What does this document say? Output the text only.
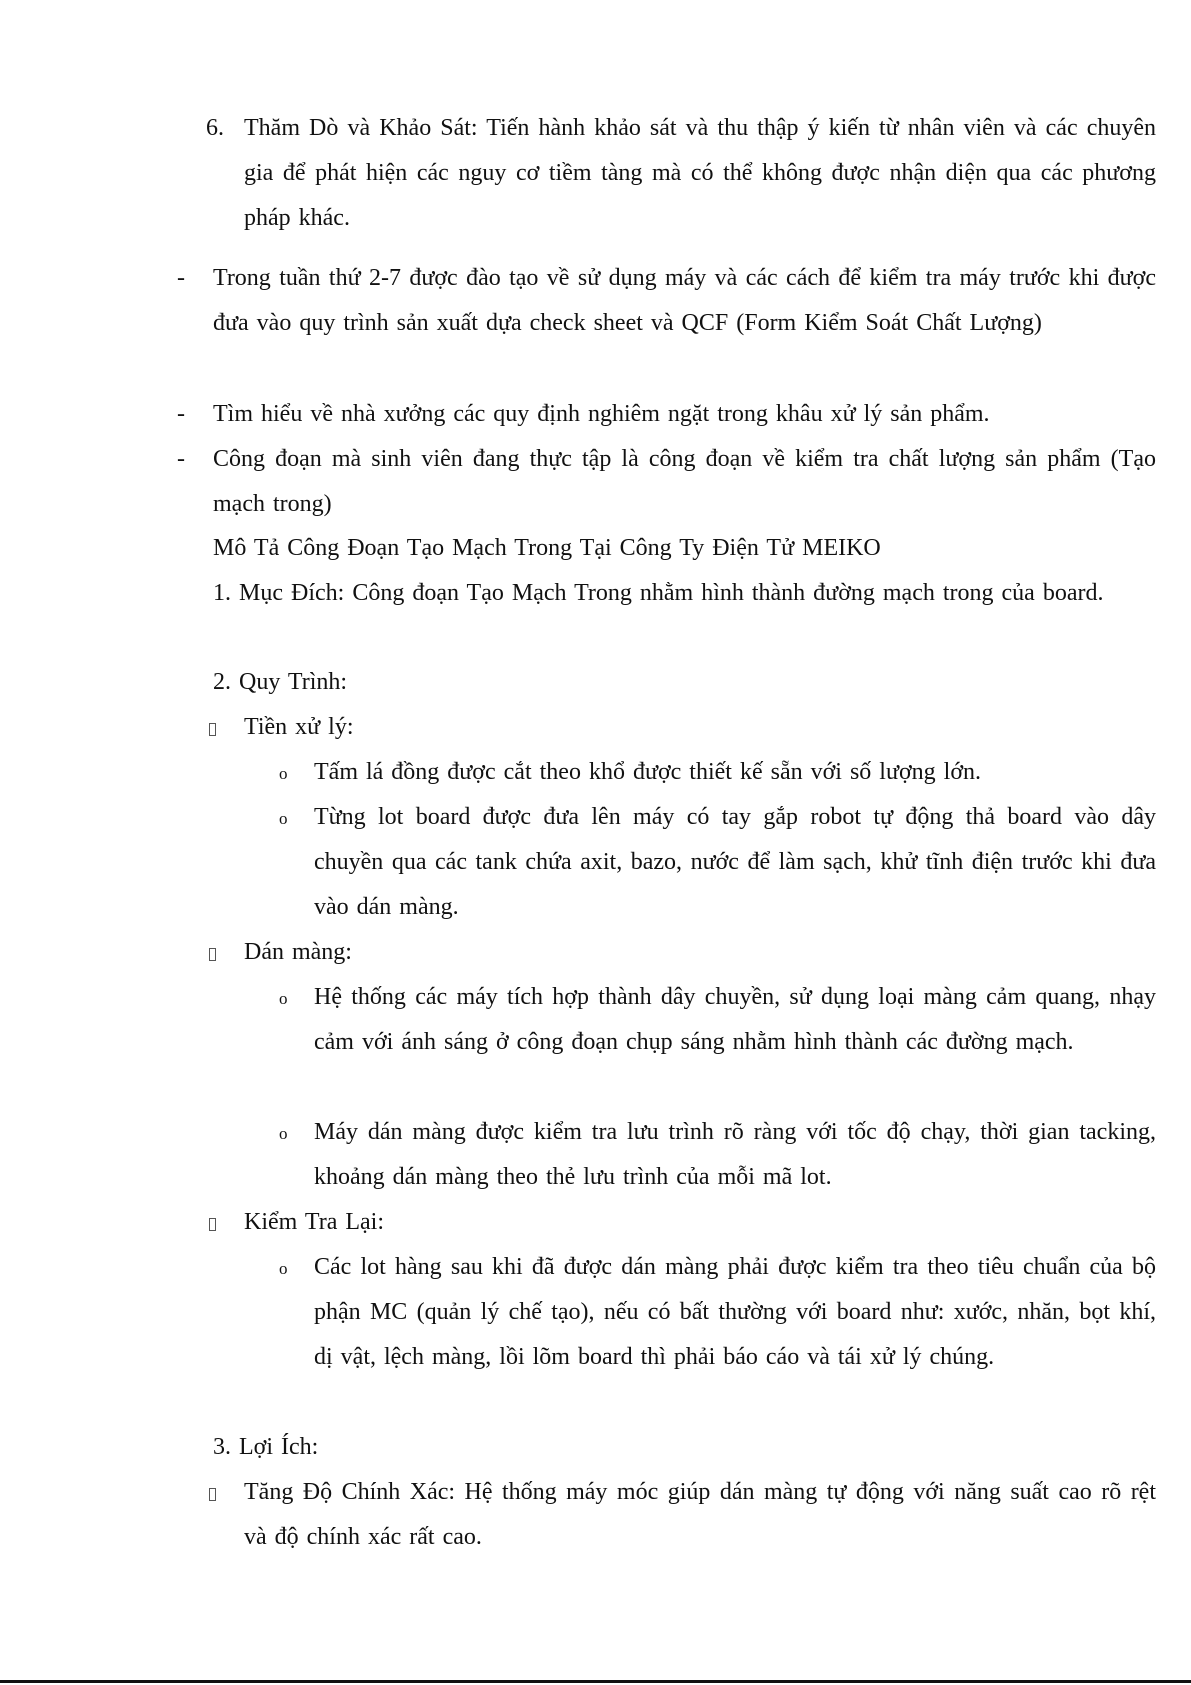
6. Thăm Dò và Khảo Sát: Tiến hành khảo sát và thu thập ý kiến từ nhân viên và các chuyên gia để phát hiện các nguy cơ tiềm tàng mà có thể không được nhận diện qua các phương pháp khác.
- Trong tuần thứ 2-7 được đào tạo về sử dụng máy và các cách để kiểm tra máy trước khi được đưa vào quy trình sản xuất dựa check sheet và QCF (Form Kiểm Soát Chất Lượng)
- Tìm hiểu về nhà xưởng các quy định nghiêm ngặt trong khâu xử lý sản phẩm.
- Công đoạn mà sinh viên đang thực tập là công đoạn về kiểm tra chất lượng sản phẩm (Tạo mạch trong)
Mô Tả Công Đoạn Tạo Mạch Trong Tại Công Ty Điện Tử MEIKO
1. Mục Đích: Công đoạn Tạo Mạch Trong nhằm hình thành đường mạch trong của board.
2. Quy Trình:
Tiền xử lý:
o Tấm lá đồng được cắt theo khổ được thiết kế sẵn với số lượng lớn.
o Từng lot board được đưa lên máy có tay gắp robot tự động thả board vào dây chuyền qua các tank chứa axit, bazo, nước để làm sạch, khử tĩnh điện trước khi đưa vào dán màng.
Dán màng:
o Hệ thống các máy tích hợp thành dây chuyền, sử dụng loại màng cảm quang, nhạy cảm với ánh sáng ở công đoạn chụp sáng nhằm hình thành các đường mạch.
o Máy dán màng được kiểm tra lưu trình rõ ràng với tốc độ chạy, thời gian tacking, khoảng dán màng theo thẻ lưu trình của mỗi mã lot.
Kiểm Tra Lại:
o Các lot hàng sau khi đã được dán màng phải được kiểm tra theo tiêu chuẩn của bộ phận MC (quản lý chế tạo), nếu có bất thường với board như: xước, nhăn, bọt khí, dị vật, lệch màng, lồi lõm board thì phải báo cáo và tái xử lý chúng.
3. Lợi Ích:
Tăng Độ Chính Xác: Hệ thống máy móc giúp dán màng tự động với năng suất cao rõ rệt và độ chính xác rất cao.
